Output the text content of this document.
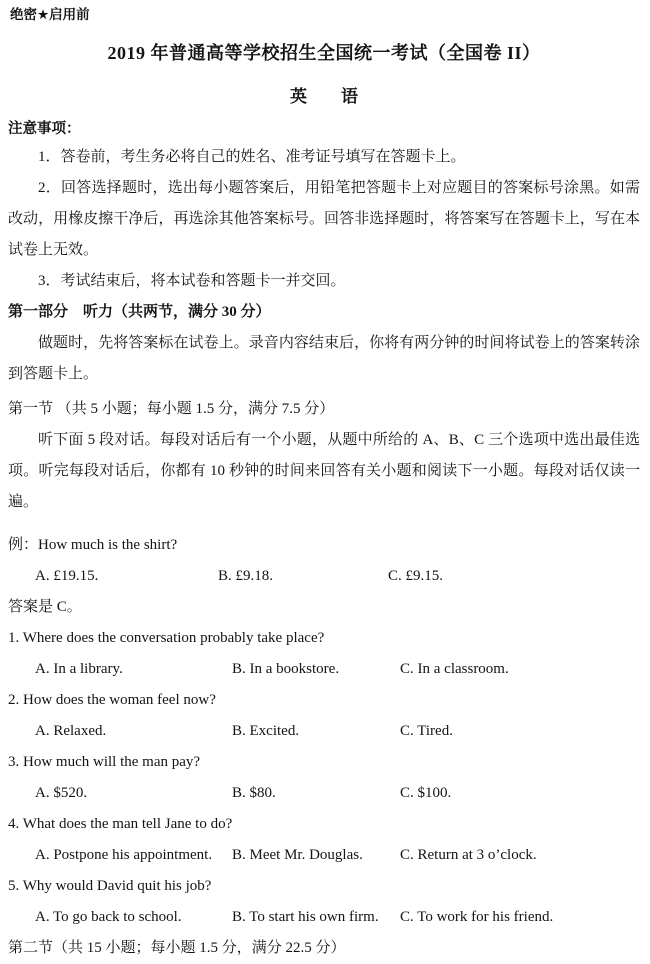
绝密★启用前
2019 年普通高等学校招生全国统一考试（全国卷 II）
英　　语
注意事项：

1．答卷前，考生务必将自己的姓名、准考证号填写在答题卡上。

2．回答选择题时，选出每小题答案后，用铅笔把答题卡上对应题目的答案标号涂黑。如需改动，用橡皮擦干净后，再选涂其他答案标号。回答非选择题时，将答案写在答题卡上，写在本试卷上无效。

3．考试结束后，将本试卷和答题卡一并交回。

第一部分　听力（共两节，满分 30 分）

做题时，先将答案标在试卷上。录音内容结束后，你将有两分钟的时间将试卷上的答案转涂到答题卡上。

第一节 （共 5 小题；每小题 1.5 分，满分 7.5 分）

听下面 5 段对话。每段对话后有一个小题，从题中所给的 A、B、C 三个选项中选出最佳选项。听完每段对话后，你都有 10 秒钟的时间来回答有关小题和阅读下一小题。每段对话仅读一遍。

例：How much is the shirt?

A. £19.15.	B. £9.18.	C. £9.15.

答案是 C。

1. Where does the conversation probably take place?

A. In a library.	B. In a bookstore.	C. In a classroom.

2. How does the woman feel now?

A. Relaxed.	B. Excited.	C. Tired.

3. How much will the man pay?

A. $520.	B. $80.	C. $100.

4. What does the man tell Jane to do?

A. Postpone his appointment.	B. Meet Mr. Douglas.	C. Return at 3 o’clock.

5. Why would David quit his job?

A. To go back to school.	B. To start his own firm.	C. To work for his friend.

第二节（共 15 小题；每小题 1.5 分，满分 22.5 分）
